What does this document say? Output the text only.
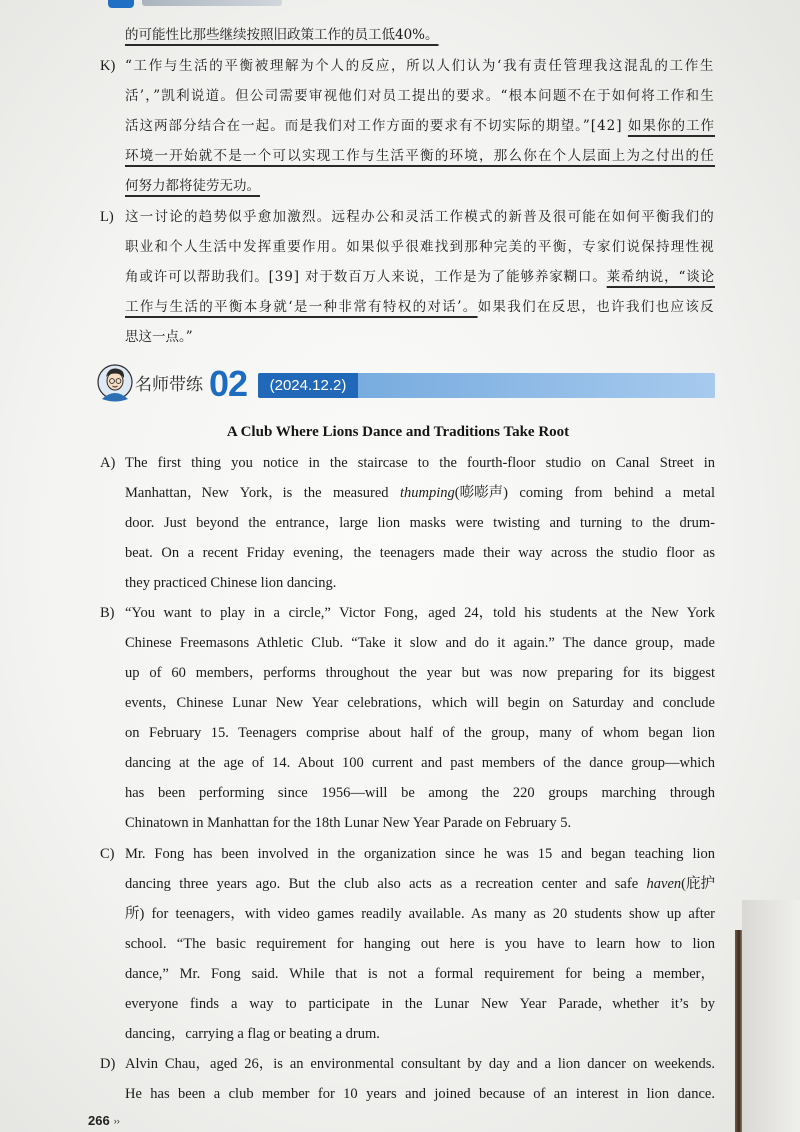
的可能性比那些继续按照旧政策工作的员工低40%。
K) “工作与生活的平衡被理解为个人的反应，所以人们认为‘我有责任管理我这混乱的工作生
活’，”凯利说道。但公司需要审视他们对员工提出的要求。“根本问题不在于如何将工作和生
活这两部分结合在一起。而是我们对工作方面的要求有不切实际的期望。”[42] 如果你的工作
环境一开始就不是一个可以实现工作与生活平衡的环境，那么你在个人层面上为之付出的任
何努力都将徒劳无功。
L) 这一讨论的趋势似乎愈加激烈。远程办公和灵活工作模式的新普及很可能在如何平衡我们的
职业和个人生活中发挥重要作用。如果似乎很难找到那种完美的平衡，专家们说保持理性视
角或许可以帮助我们。[39] 对于数百万人来说，工作是为了能够养家糊口。莱希纳说，“谈论
工作与生活的平衡本身就‘是一种非常有特权的对话’。如果我们在反思，也许我们也应该反
思这一点。”
名师带练 02	(2024.12.2)
A Club Where Lions Dance and Traditions Take Root
A) The first thing you notice in the staircase to the fourth-floor studio on Canal Street in
Manhattan，New York，is the measured thumping(嘭嘭声) coming from behind a metal
door. Just beyond the entrance，large lion masks were twisting and turning to the drum-
beat. On a recent Friday evening，the teenagers made their way across the studio floor as
they practiced Chinese lion dancing.
B) “You want to play in a circle,” Victor Fong，aged 24，told his students at the New York
Chinese Freemasons Athletic Club. “Take it slow and do it again.” The dance group，made
up of 60 members，performs throughout the year but was now preparing for its biggest
events，Chinese Lunar New Year celebrations，which will begin on Saturday and conclude
on February 15. Teenagers comprise about half of the group，many of whom began lion
dancing at the age of 14. About 100 current and past members of the dance group—which
has been performing since 1956—will be among the 220 groups marching through
Chinatown in Manhattan for the 18th Lunar New Year Parade on February 5.
C) Mr. Fong has been involved in the organization since he was 15 and began teaching lion
dancing three years ago. But the club also acts as a recreation center and safe haven(庇护
所) for teenagers，with video games readily available. As many as 20 students show up after
school. “The basic requirement for hanging out here is you have to learn how to lion
dance,” Mr. Fong said. While that is not a formal requirement for being a member，
everyone finds a way to participate in the Lunar New Year Parade，whether it’s by
dancing，carrying a flag or beating a drum.
D) Alvin Chau，aged 26，is an environmental consultant by day and a lion dancer on weekends.
He has been a club member for 10 years and joined because of an interest in lion dance.
266 ››
